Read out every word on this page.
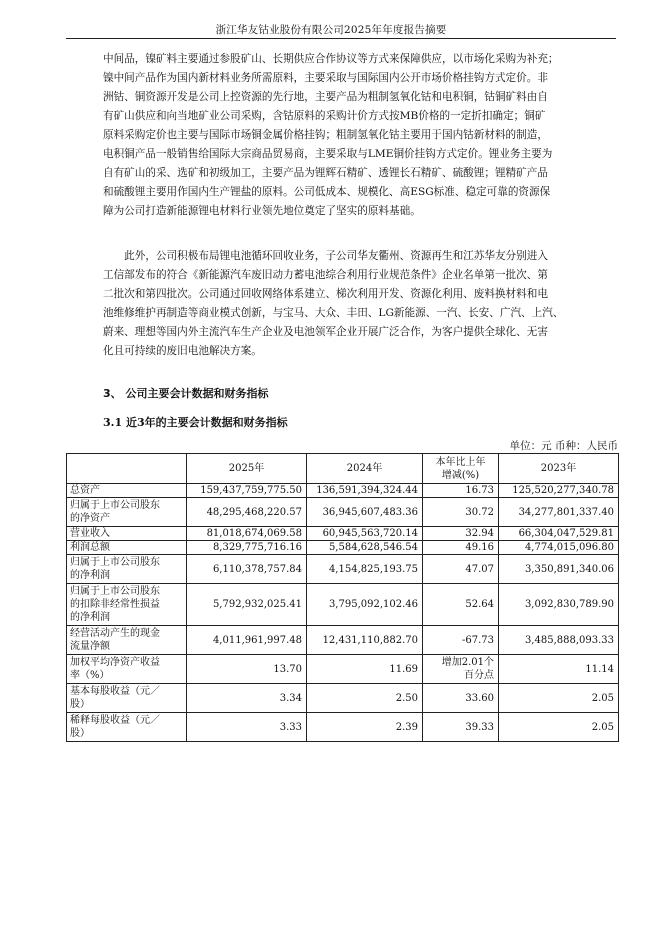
浙江华友钴业股份有限公司2025年年度报告摘要
中间品，镍矿料主要通过参股矿山、长期供应合作协议等方式来保障供应，以市场化采购为补充；
镍中间产品作为国内新材料业务所需原料，主要采取与国际国内公开市场价格挂钩方式定价。非
洲钴、铜资源开发是公司上控资源的先行地，主要产品为粗制氢氧化钴和电积铜，钴铜矿料由自
有矿山供应和向当地矿业公司采购，含钴原料的采购计价方式按MB价格的一定折扣确定；铜矿
原料采购定价也主要与国际市场铜金属价格挂钩；粗制氢氧化钴主要用于国内钴新材料的制造，
电积铜产品一般销售给国际大宗商品贸易商，主要采取与LME铜价挂钩方式定价。锂业务主要为
自有矿山的采、选矿和初级加工，主要产品为锂辉石精矿、透锂长石精矿、硫酸锂；锂精矿产品
和硫酸锂主要用作国内生产锂盐的原料。公司低成本、规模化、高ESG标准、稳定可靠的资源保
障为公司打造新能源锂电材料行业领先地位奠定了坚实的原料基础。
　　此外，公司积极布局锂电池循环回收业务，子公司华友衢州、资源再生和江苏华友分别进入
工信部发布的符合《新能源汽车废旧动力蓄电池综合利用行业规范条件》企业名单第一批次、第
二批次和第四批次。公司通过回收网络体系建立、梯次利用开发、资源化利用、废料换材料和电
池维修维护再制造等商业模式创新，与宝马、大众、丰田、LG新能源、一汽、长安、广汽、上汽、
蔚来、理想等国内外主流汽车生产企业及电池领军企业开展广泛合作，为客户提供全球化、无害
化且可持续的废旧电池解决方案。
3、 公司主要会计数据和财务指标
3.1 近3年的主要会计数据和财务指标
单位：元 币种：人民币
	2025年	2024年	本年比上年
增减(%)	2023年
总资产	159,437,759,775.50	136,591,394,324.44	16.73	125,520,277,340.78
归属于上市公司股东
的净资产	48,295,468,220.57	36,945,607,483.36	30.72	34,277,801,337.40
营业收入	81,018,674,069.58	60,945,563,720.14	32.94	66,304,047,529.81
利润总额	8,329,775,716.16	5,584,628,546.54	49.16	4,774,015,096.80
归属于上市公司股东
的净利润	6,110,378,757.84	4,154,825,193.75	47.07	3,350,891,340.06
归属于上市公司股东
的扣除非经常性损益
的净利润	5,792,932,025.41	3,795,092,102.46	52.64	3,092,830,789.90
经营活动产生的现金
流量净额	4,011,961,997.48	12,431,110,882.70	-67.73	3,485,888,093.33
加权平均净资产收益
率（%）	13.70	11.69	增加2.01个
百分点	11.14
基本每股收益（元／
股）	3.34	2.50	33.60	2.05
稀释每股收益（元／
股）	3.33	2.39	39.33	2.05
